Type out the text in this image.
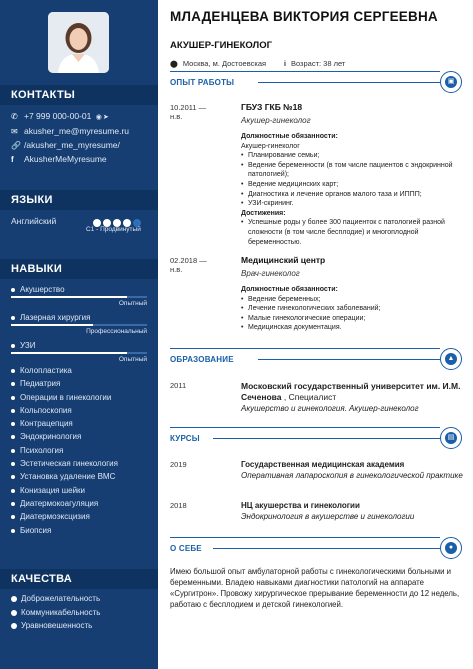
КОНТАКТЫ
✆ +7 999 000-00-01 ◉➤
✉ akusher_me@myresume.ru
🔗 /akusher_me_myresume/
f AkusherMeMyresume
ЯЗЫКИ
Английский
C1 - Продвинутый
НАВЫКИ
Акушерство
Опытный
Лазерная хирургия
Профессиональный
УЗИ
Опытный
Колопластика
Педиатрия
Операции в гинекологии
Кольпоскопия
Контрацепция
Эндокринология
Психология
Эстетическая гинекология
Установка удаление ВМС
Конизация шейки
Диатермокоагуляция
Диатермоэксцизия
Биопсия
КАЧЕСТВА
Доброжелательность
Коммуникабельность
Уравновешенность
МЛАДЕНЦЕВА ВИКТОРИЯ СЕРГЕЕВНА
АКУШЕР-ГИНЕКОЛОГ
⬤ Москва, м. Достоевская	i Возраст: 38 лет
ОПЫТ РАБОТЫ	▣
10.2011 —
н.в.
ГБУЗ ГКБ №18
Акушер-гинеколог
Должностные обязанности:
Акушер-гинеколог
• Планирование семьи;
• Ведение беременности (в том числе пациентов с эндокринной патологией);
• Ведение медицинских карт;
• Диагностика и лечение органов малого таза и ИППП;
• УЗИ-скрининг.
Достижения:
• Успешные роды у более 300 пациенток с патологией разной сложности (в том числе бесплодие) и многоплодной беременностью.
02.2018 —
н.в.
Медицинский центр
Врач-гинеколог
Должностные обязанности:
• Ведение беременных;
• Лечение гинекологических заболеваний;
• Малые гинекологические операции;
• Медицинская документация.
ОБРАЗОВАНИЕ	▲
2011	Московский государственный университет им. И.М. Сеченова , Специалист
Акушерство и гинекология. Акушер-гинеколог
КУРСЫ	▤
2019	Государственная медицинская академия
Оперативная лапароскопия в гинекологической практике
2018	НЦ акушерства и гинекологии
Эндокринология в акушерстве и гинекологии
О СЕБЕ	●
Имею большой опыт амбулаторной работы с гинекологическими больными и беременными. Владею навыками диагностики патологий на аппарате «Сургитрон». Провожу хирургическое прерывание беременности до 12 недель, работаю с бесплодием и детской гинекологией.
